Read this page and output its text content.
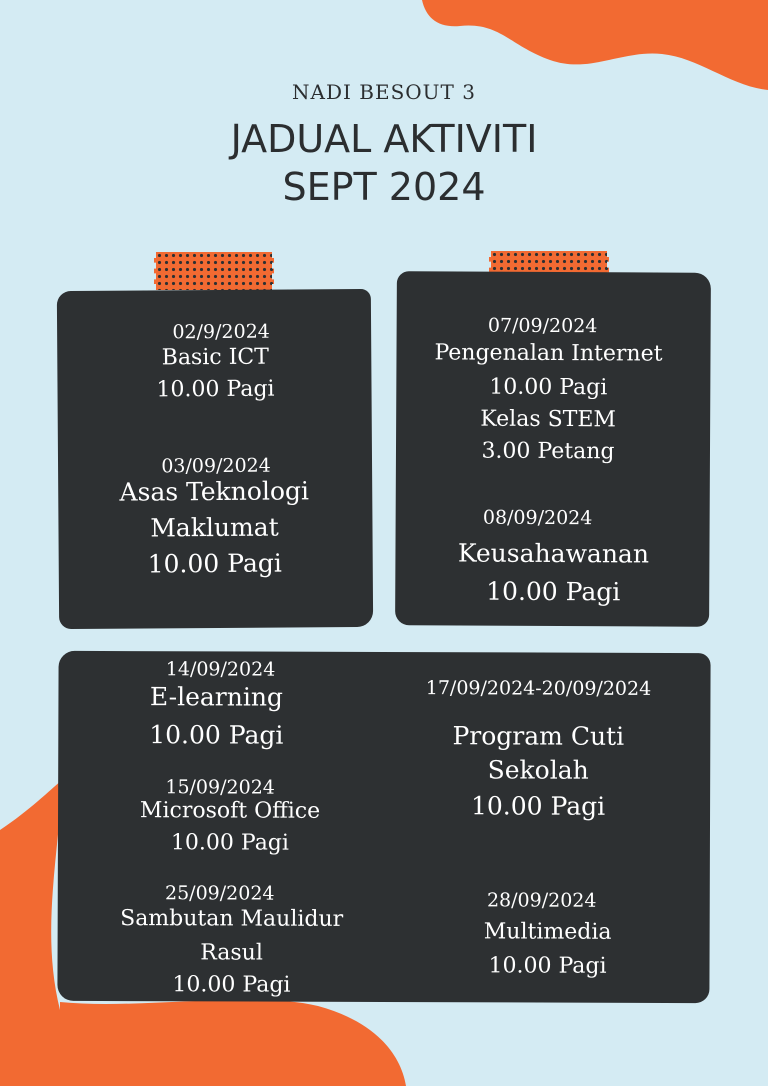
NADI BESOUT 3
JADUAL AKTIVITI
SEPT 2024
02/9/2024
Basic ICT
10.00 Pagi
03/09/2024
Asas Teknologi
Maklumat
10.00 Pagi
07/09/2024
Pengenalan Internet
10.00 Pagi
Kelas STEM
3.00 Petang
08/09/2024
Keusahawanan
10.00 Pagi
14/09/2024
E-learning
10.00 Pagi
15/09/2024
Microsoft Office
10.00 Pagi
25/09/2024
Sambutan Maulidur
Rasul
10.00 Pagi
17/09/2024-20/09/2024
Program Cuti
Sekolah
10.00 Pagi
28/09/2024
Multimedia
10.00 Pagi
